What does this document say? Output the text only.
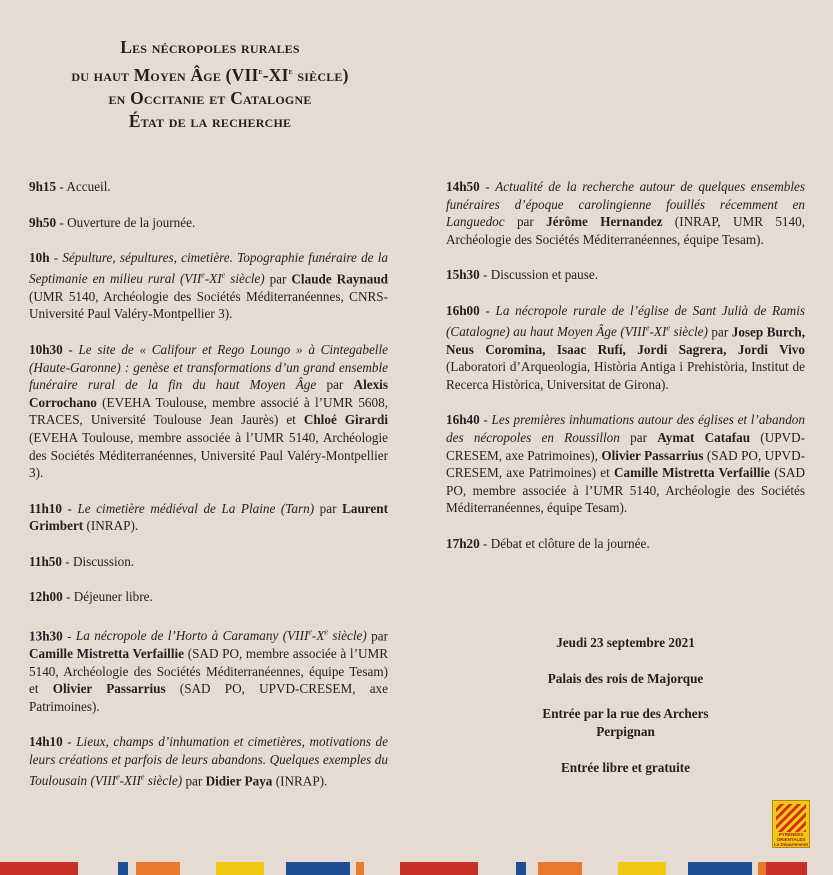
Les nécropoles rurales
du haut Moyen Âge (VIIe-XIe siècle)
en Occitanie et Catalogne
État de la recherche
9h15 - Accueil.
9h50 - Ouverture de la journée.
10h - Sépulture, sépultures, cimetière. Topographie funéraire de la Septimanie en milieu rural (VIIe-XIe siècle) par Claude Raynaud (UMR 5140, Archéologie des Sociétés Méditerranéennes, CNRS-Université Paul Valéry-Montpellier 3).
10h30 - Le site de « Califour et Rego Loungo » à Cintegabelle (Haute-Garonne) : genèse et transformations d’un grand ensemble funéraire rural de la fin du haut Moyen Âge par Alexis Corrochano (EVEHA Toulouse, membre associé à l’UMR 5608, TRACES, Université Toulouse Jean Jaurès) et Chloé Girardi (EVEHA Toulouse, membre associée à l’UMR 5140, Archéologie des Sociétés Méditerranéennes, Université Paul Valéry-Montpellier 3).
11h10 - Le cimetière médiéval de La Plaine (Tarn) par Laurent Grimbert (INRAP).
11h50 - Discussion.
12h00 - Déjeuner libre.
13h30 - La nécropole de l’Horto à Caramany (VIIIe-Xe siècle) par Camille Mistretta Verfaillie (SAD PO, membre associée à l’UMR 5140, Archéologie des Sociétés Méditerranéennes, équipe Tesam) et Olivier Passarrius (SAD PO, UPVD-CRESEM, axe Patrimoines).
14h10 - Lieux, champs d’inhumation et cimetières, motivations de leurs créations et parfois de leurs abandons. Quelques exemples du Toulousain (VIIIe-XIIe siècle) par Didier Paya (INRAP).
14h50 - Actualité de la recherche autour de quelques ensembles funéraires d’époque carolingienne fouillés récemment en Languedoc par Jérôme Hernandez (INRAP, UMR 5140, Archéologie des Sociétés Méditerranéennes, équipe Tesam).
15h30 - Discussion et pause.
16h00 - La nécropole rurale de l’église de Sant Julià de Ramis (Catalogne) au haut Moyen Âge (VIIIe-XIe siècle) par Josep Burch, Neus Coromina, Isaac Rufí, Jordi Sagrera, Jordi Vivo (Laboratori d’Arqueologia, Història Antiga i Prehistòria, Institut de Recerca Històrica, Universitat de Girona).
16h40 - Les premières inhumations autour des églises et l’abandon des nécropoles en Roussillon par Aymat Catafau (UPVD-CRESEM, axe Patrimoines), Olivier Passarrius (SAD PO, UPVD-CRESEM, axe Patrimoines) et Camille Mistretta Verfaillie (SAD PO, membre associée à l’UMR 5140, Archéologie des Sociétés Méditerranéennes, équipe Tesam).
17h20 - Débat et clôture de la journée.
Jeudi 23 septembre 2021
Palais des rois de Majorque
Entrée par la rue des Archers
Perpignan
Entrée libre et gratuite
PYRÉNÉES
ORIENTALES
Le Département
